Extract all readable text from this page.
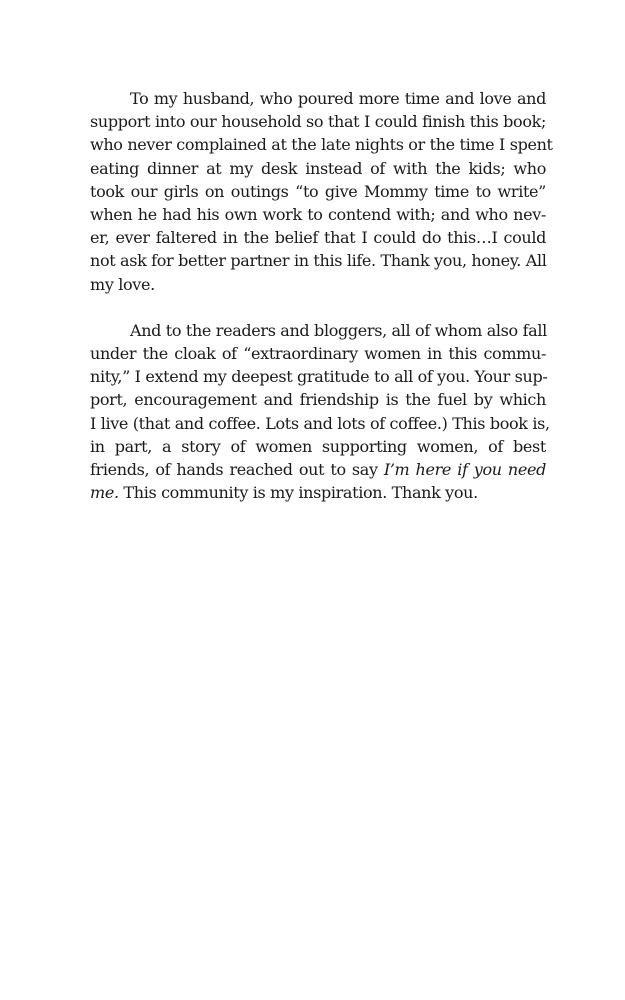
To my husband, who poured more time and love and
support into our household so that I could finish this book;
who never complained at the late nights or the time I spent
eating dinner at my desk instead of with the kids; who
took our girls on outings “to give Mommy time to write”
when he had his own work to contend with; and who nev-
er, ever faltered in the belief that I could do this…I could
not ask for better partner in this life. Thank you, honey. All
my love.
And to the readers and bloggers, all of whom also fall
under the cloak of “extraordinary women in this commu-
nity,” I extend my deepest gratitude to all of you. Your sup-
port, encouragement and friendship is the fuel by which
I live (that and coffee. Lots and lots of coffee.) This book is,
in part, a story of women supporting women, of best
friends, of hands reached out to say I’m here if you need
me. This community is my inspiration. Thank you.
